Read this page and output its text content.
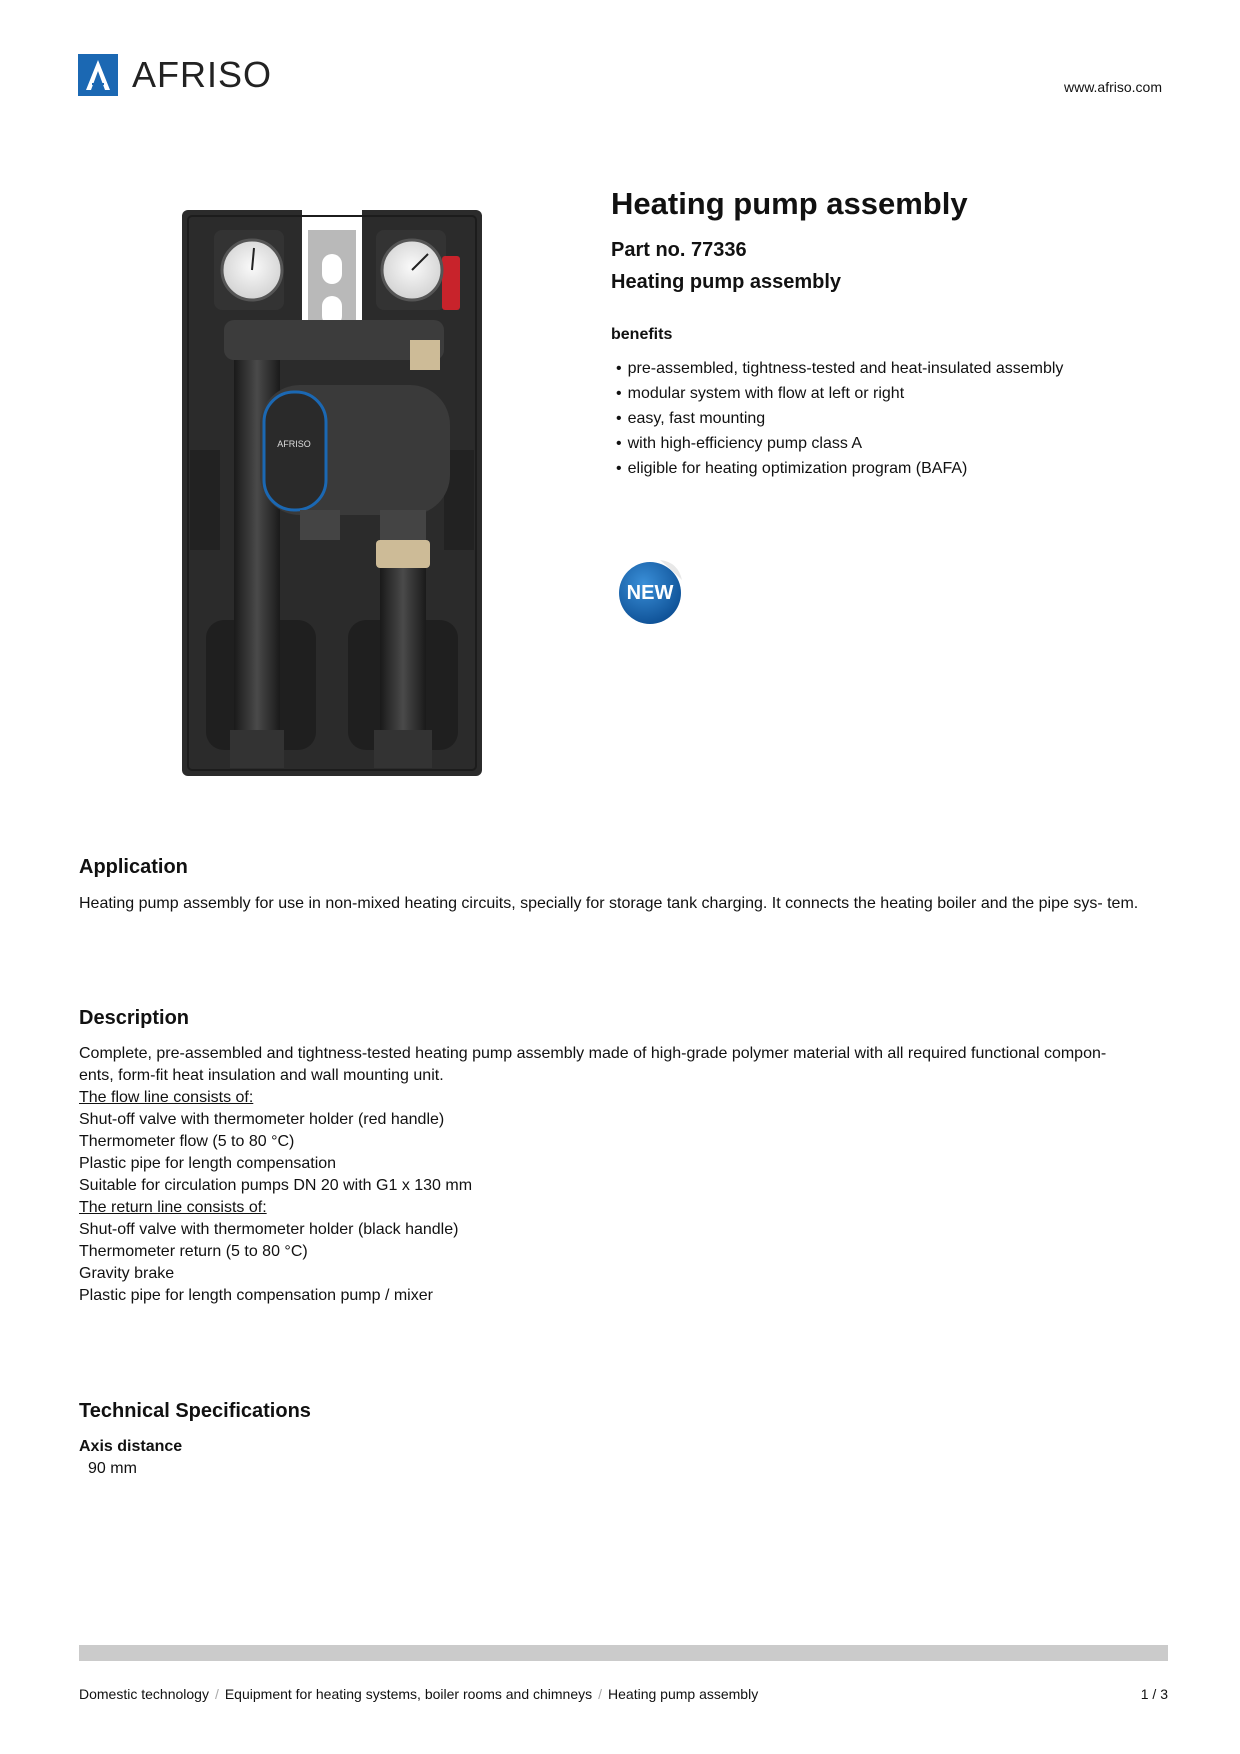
AFRISO	www.afriso.com
AFRISO
Heating pump assembly
Part no. 77336
Heating pump assembly
benefits
• pre-assembled, tightness-tested and heat-insulated assembly
• modular system with flow at left or right
• easy, fast mounting
• with high-efficiency pump class A
• eligible for heating optimization program (BAFA)
NEW
Application
Heating pump assembly for use in non-mixed heating circuits, specially for storage tank charging. It connects the heating boiler and the pipe sys- tem.
Description
Complete, pre-assembled and tightness-tested heating pump assembly made of high-grade polymer material with all required functional compon-
ents, form-fit heat insulation and wall mounting unit.
The flow line consists of:
Shut-off valve with thermometer holder (red handle)
Thermometer flow (5 to 80 °C)
Plastic pipe for length compensation
Suitable for circulation pumps DN 20 with G1 x 130 mm
The return line consists of:
Shut-off valve with thermometer holder (black handle)
Thermometer return (5 to 80 °C)
Gravity brake
Plastic pipe for length compensation pump / mixer
Technical Specifications
Axis distance
90 mm
Domestic technology / Equipment for heating systems, boiler rooms and chimneys / Heating pump assembly	1 / 3
